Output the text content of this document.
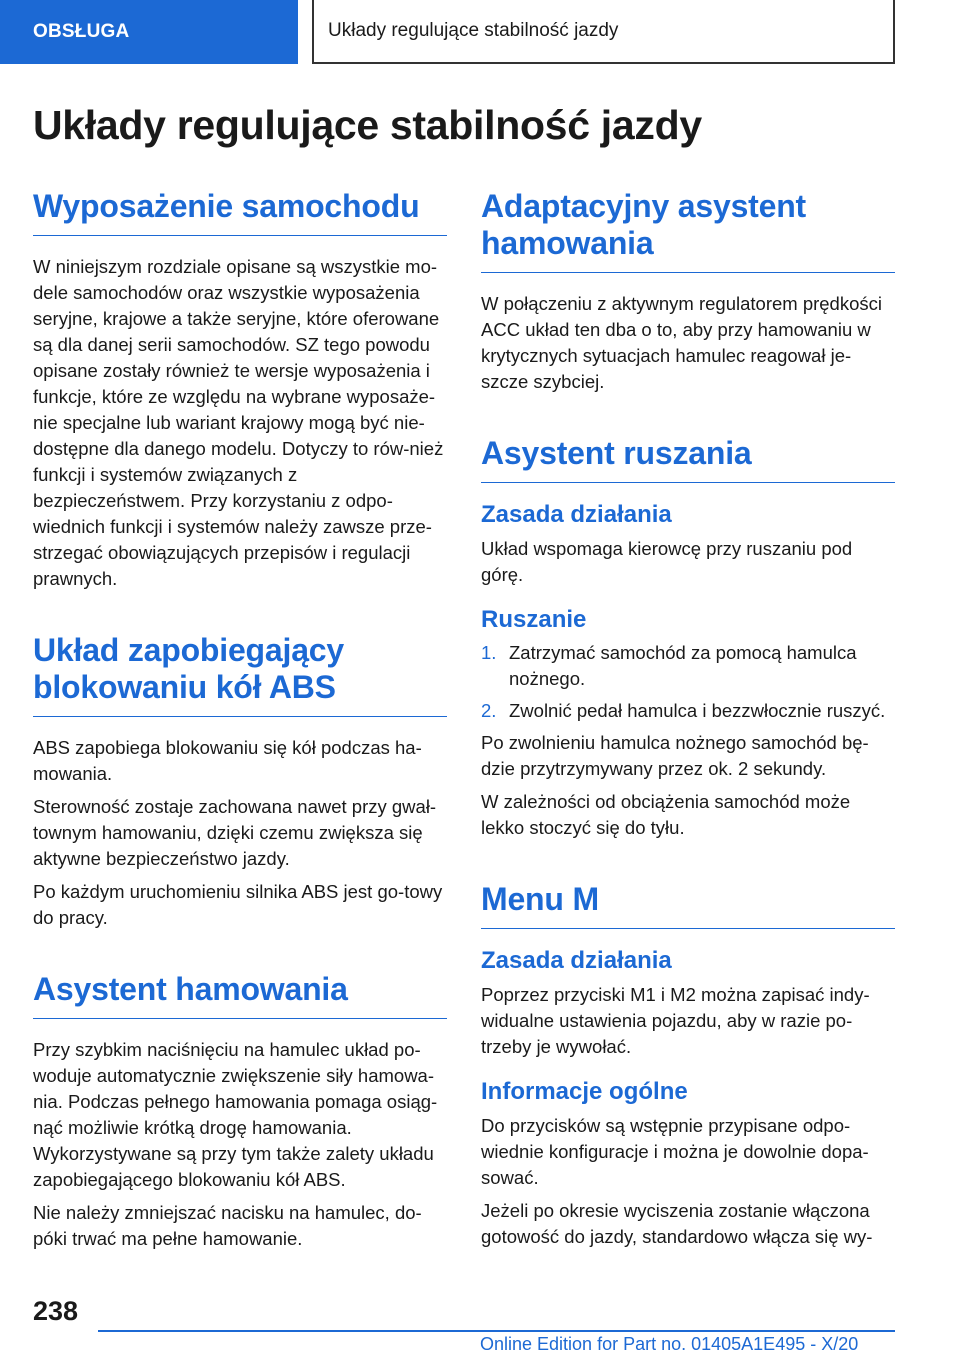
OBSŁUGA	Układy regulujące stabilność jazdy
Układy regulujące stabilność jazdy
Wyposażenie samochodu

W niniejszym rozdziale opisane są wszystkie mo-dele samochodów oraz wszystkie wyposażenia seryjne, krajowe a także seryjne, które oferowane są dla danej serii samochodów. SZ tego powodu opisane zostały również te wersje wyposażenia i funkcje, które ze względu na wybrane wyposaże-nie specjalne lub wariant krajowy mogą być nie-dostępne dla danego modelu. Dotyczy to rów-nież funkcji i systemów związanych z bezpieczeństwem. Przy korzystaniu z odpo-wiednich funkcji i systemów należy zawsze prze-strzegać obowiązujących przepisów i regulacji prawnych.

Układ zapobiegający blokowaniu kół ABS

ABS zapobiega blokowaniu się kół podczas ha-mowania.

Sterowność zostaje zachowana nawet przy gwał-townym hamowaniu, dzięki czemu zwiększa się aktywne bezpieczeństwo jazdy.

Po każdym uruchomieniu silnika ABS jest go-towy do pracy.

Asystent hamowania

Przy szybkim naciśnięciu na hamulec układ po-woduje automatycznie zwiększenie siły hamowa-nia. Podczas pełnego hamowania pomaga osiąg-nąć możliwie krótką drogę hamowania. Wykorzystywane są przy tym także zalety układu zapobiegającego blokowaniu kół ABS.

Nie należy zmniejszać nacisku na hamulec, do-póki trwać ma pełne hamowanie.

Adaptacyjny asystent hamowania

W połączeniu z aktywnym regulatorem prędkości ACC układ ten dba o to, aby przy hamowaniu w krytycznych sytuacjach hamulec reagował je-szcze szybciej.

Asystent ruszania
Zasada działania

Układ wspomaga kierowcę przy ruszaniu pod górę.

Ruszanie
1. Zatrzymać samochód za pomocą hamulca nożnego.
2. Zwolnić pedał hamulca i bezzwłocznie ruszyć.

Po zwolnieniu hamulca nożnego samochód bę-dzie przytrzymywany przez ok. 2 sekundy.

W zależności od obciążenia samochód może lekko stoczyć się do tyłu.

Menu M
Zasada działania

Poprzez przyciski M1 i M2 można zapisać indy-widualne ustawienia pojazdu, aby w razie po-trzeby je wywołać.

Informacje ogólne

Do przycisków są wstępnie przypisane odpo-wiednie konfiguracje i można je dowolnie dopa-sować.

Jeżeli po okresie wyciszenia zostanie włączona gotowość do jazdy, standardowo włącza się wy-

238
Online Edition for Part no. 01405A1E495 - X/20
